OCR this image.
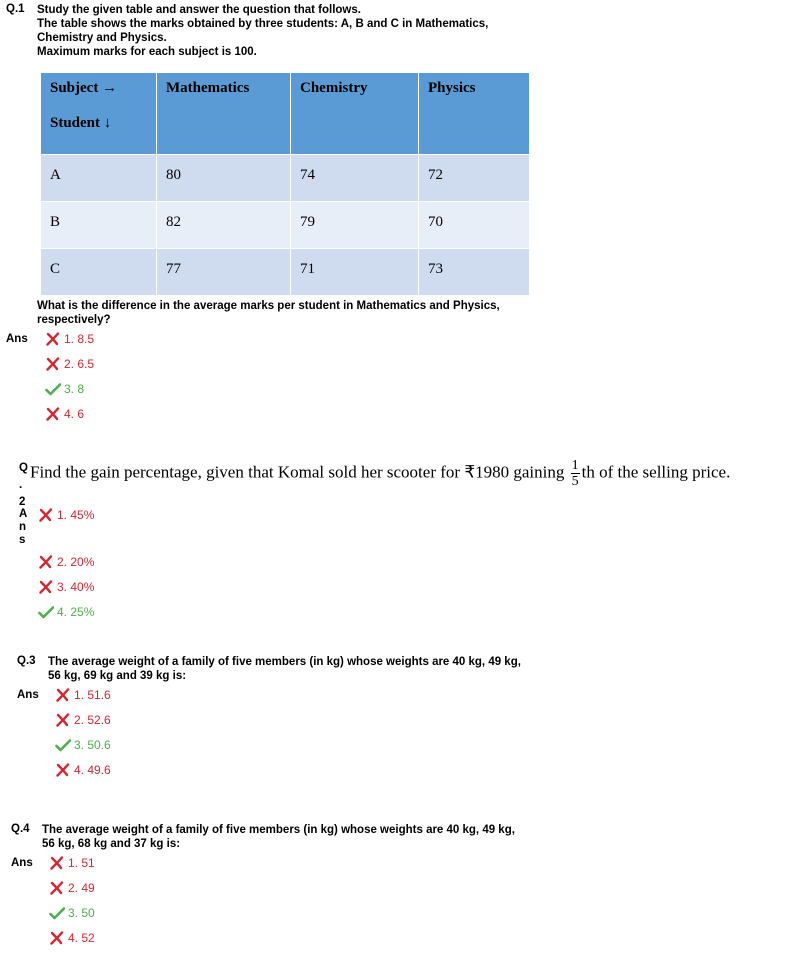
Q.1 Study the given table and answer the question that follows.
The table shows the marks obtained by three students: A, B and C in Mathematics,
Chemistry and Physics.
Maximum marks for each subject is 100.
Subject →
Student ↓	Mathematics	Chemistry	Physics
A	80	74	72
B	82	79	70
C	77	71	73
What is the difference in the average marks per student in Mathematics and Physics,
respectively?
Ans	1. 8.5
2. 6.5
3. 8
4. 6
Q
.
2
Find the gain percentage, given that Komal sold her scooter for ₹1980 gaining $\frac{1}{5}$ th of the selling price.
A
n
s
1. 45%
2. 20%
3. 40%
4. 25%
Q.3 The average weight of a family of five members (in kg) whose weights are 40 kg, 49 kg,
56 kg, 69 kg and 39 kg is:
Ans	1. 51.6
2. 52.6
3. 50.6
4. 49.6
Q.4 The average weight of a family of five members (in kg) whose weights are 40 kg, 49 kg,
56 kg, 68 kg and 37 kg is:
Ans	1. 51
2. 49
3. 50
4. 52
